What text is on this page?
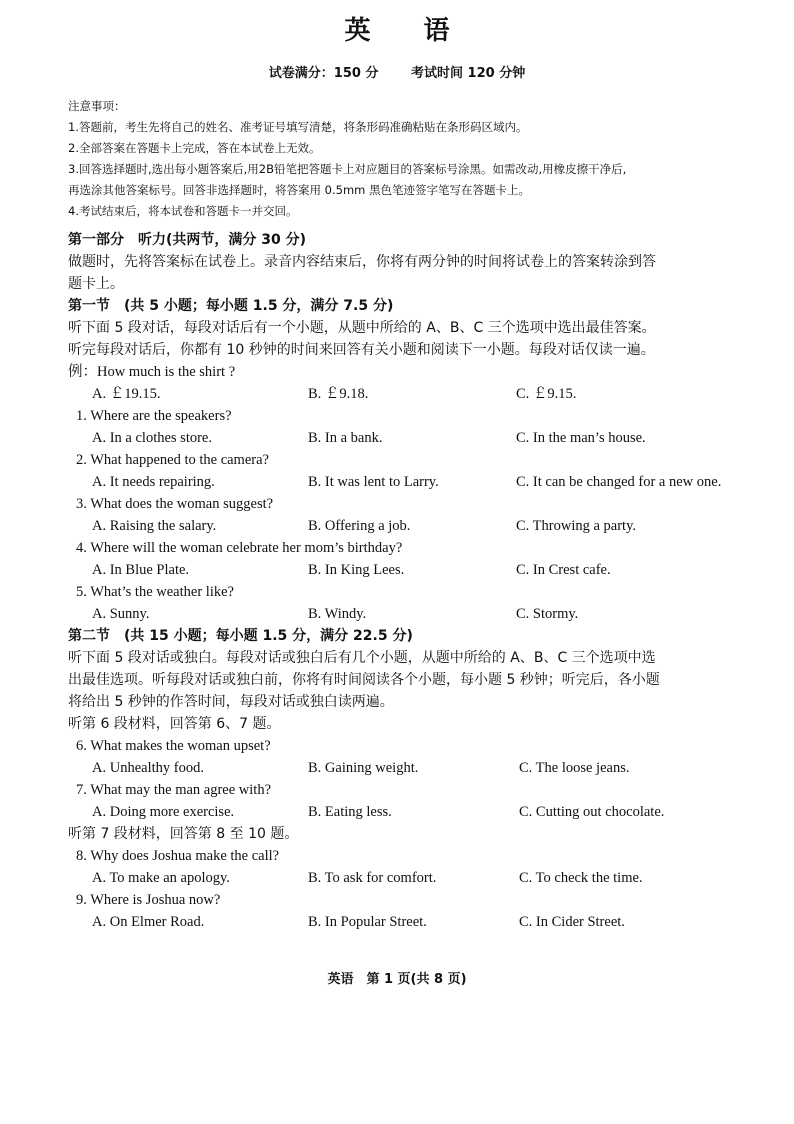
英 语
试卷满分：150 分	考试时间 120 分钟
注意事项：
1.答题前，考生先将自己的姓名、准考证号填写清楚，将条形码准确粘贴在条形码区域内。
2.全部答案在答题卡上完成，答在本试卷上无效。
3.回答选择题时,选出每小题答案后,用2B铅笔把答题卡上对应题目的答案标号涂黑。如需改动,用橡皮擦干净后,
再选涂其他答案标号。回答非选择题时，将答案用 0.5mm 黑色笔迹签字笔写在答题卡上。
4.考试结束后，将本试卷和答题卡一并交回。
第一部分　听力(共两节，满分 30 分)
做题时，先将答案标在试卷上。录音内容结束后，你将有两分钟的时间将试卷上的答案转涂到答
题卡上。
第一节　(共 5 小题；每小题 1.5 分，满分 7.5 分)
听下面 5 段对话，每段对话后有一个小题，从题中所给的 A、B、C 三个选项中选出最佳答案。
听完每段对话后，你都有 10 秒钟的时间来回答有关小题和阅读下一小题。每段对话仅读一遍。
例：How much is the shirt ?
A. ￡19.15.	B. ￡9.18.	C. ￡9.15.
1. Where are the speakers?
A. In a clothes store.	B. In a bank.	C. In the man’s house.
2. What happened to the camera?
A. It needs repairing.	B. It was lent to Larry.	C. It can be changed for a new one.
3. What does the woman suggest?
A. Raising the salary.	B. Offering a job.	C. Throwing a party.
4. Where will the woman celebrate her mom’s birthday?
A. In Blue Plate.	B. In King Lees.	C. In Crest cafe.
5. What’s the weather like?
A. Sunny.	B. Windy.	C. Stormy.
第二节　(共 15 小题；每小题 1.5 分，满分 22.5 分)
听下面 5 段对话或独白。每段对话或独白后有几个小题，从题中所给的 A、B、C 三个选项中选
出最佳选项。听每段对话或独白前，你将有时间阅读各个小题，每小题 5 秒钟；听完后，各小题
将给出 5 秒钟的作答时间，每段对话或独白读两遍。
听第 6 段材料，回答第 6、7 题。
6. What makes the woman upset?
A. Unhealthy food.	B. Gaining weight.	C. The loose jeans.
7. What may the man agree with?
A. Doing more exercise.	B. Eating less.	C. Cutting out chocolate.
听第 7 段材料，回答第 8 至 10 题。
8. Why does Joshua make the call?
A. To make an apology.	B. To ask for comfort.	C. To check the time.
9. Where is Joshua now?
A. On Elmer Road.	B. In Popular Street.	C. In Cider Street.
英语　第 1 页(共 8 页)
